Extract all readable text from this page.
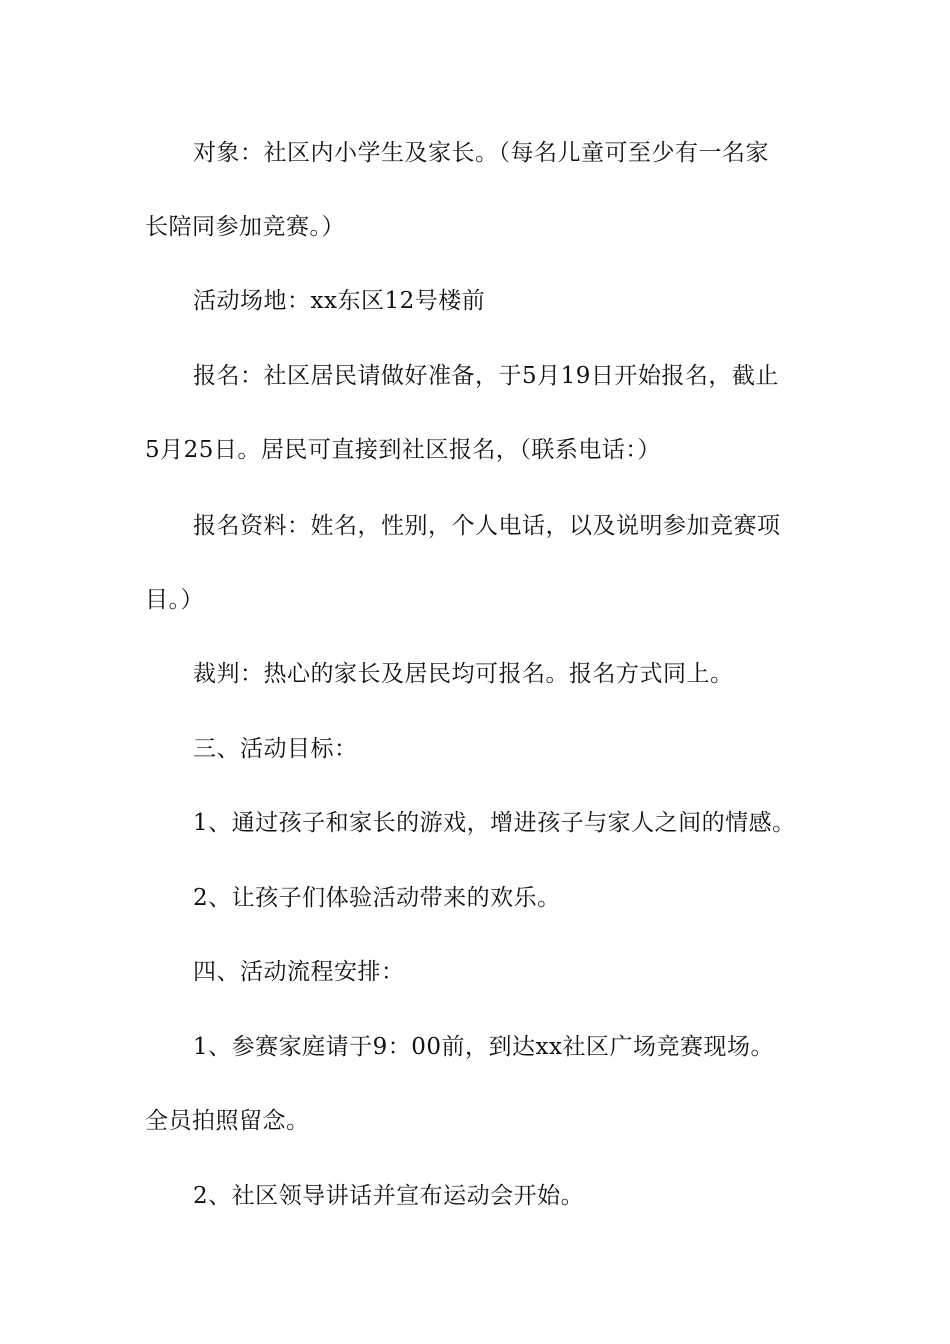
对象：社区内小学生及家长。（每名儿童可至少有一名家
长陪同参加竞赛。）
活动场地：xx东区12号楼前
报名：社区居民请做好准备，于5月19日开始报名，截止
5月25日。居民可直接到社区报名，（联系电话：）
报名资料：姓名，性别，个人电话，以及说明参加竞赛项
目。）
裁判：热心的家长及居民均可报名。报名方式同上。
三、活动目标：
1、通过孩子和家长的游戏，增进孩子与家人之间的情感。
2、让孩子们体验活动带来的欢乐。
四、活动流程安排：
1、参赛家庭请于9：00前，到达xx社区广场竞赛现场。
全员拍照留念。
2、社区领导讲话并宣布运动会开始。
